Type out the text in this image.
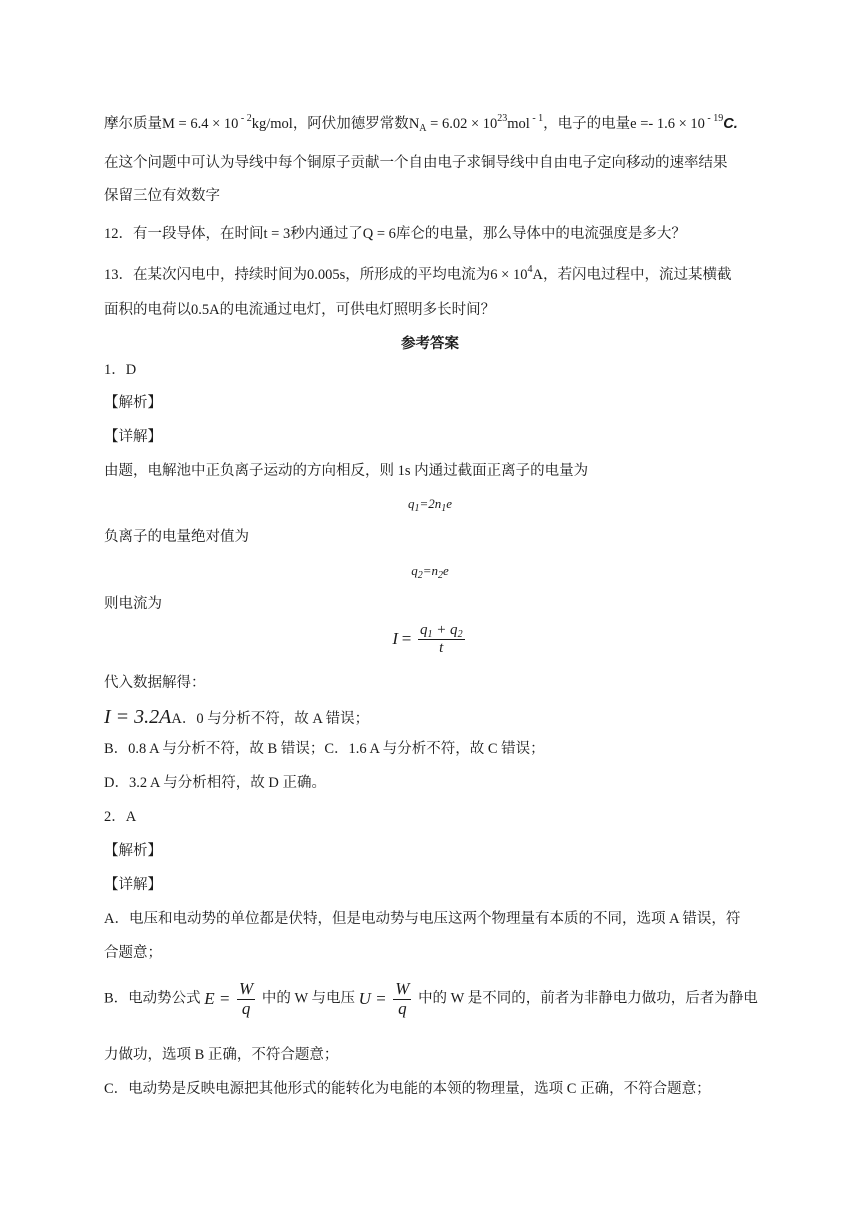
摩尔质量M = 6.4 × 10 $^{- 2}$kg/mol，阿伏加德罗常数$N_A = 6.02 \times 10^{23}mol$ $^{- 1}$，电子的电量e =- 1.6 × 10 $^{- 19}$C.
在这个问题中可认为导线中每个铜原子贡献一个自由电子求铜导线中自由电子定向移动的速率结果
保留三位有效数字
12．有一段导体，在时间t = 3秒内通过了Q = 6库仑的电量，那么导体中的电流强度是多大？
13．在某次闪电中，持续时间为0.005s，所形成的平均电流为$6 \times 10^4A$，若闪电过程中，流过某横截
面积的电荷以0.5A的电流通过电灯，可供电灯照明多长时间？
参考答案
1．D
【解析】
【详解】
由题，电解池中正负离子运动的方向相反，则 1s 内通过截面正离子的电量为
$q_1=2n_1e$
负离子的电量绝对值为
$q_2=n_2e$
则电流为
$I = \frac{q_1 + q_2}{t}$
代入数据解得：
I = 3.2AA．0 与分析不符，故 A 错误；
B．0.8 A 与分析不符，故 B 错误；C．1.6 A 与分析不符，故 C 错误；
D．3.2 A 与分析相符，故 D 正确。
2．A
【解析】
【详解】
A．电压和电动势的单位都是伏特，但是电动势与电压这两个物理量有本质的不同，选项 A 错误，符
合题意；
B．电动势公式 $E = \frac{W}{q}$ 中的 W 与电压 $U = \frac{W}{q}$ 中的 W 是不同的，前者为非静电力做功，后者为静电
力做功，选项 B 正确，不符合题意；
C．电动势是反映电源把其他形式的能转化为电能的本领的物理量，选项 C 正确，不符合题意；
